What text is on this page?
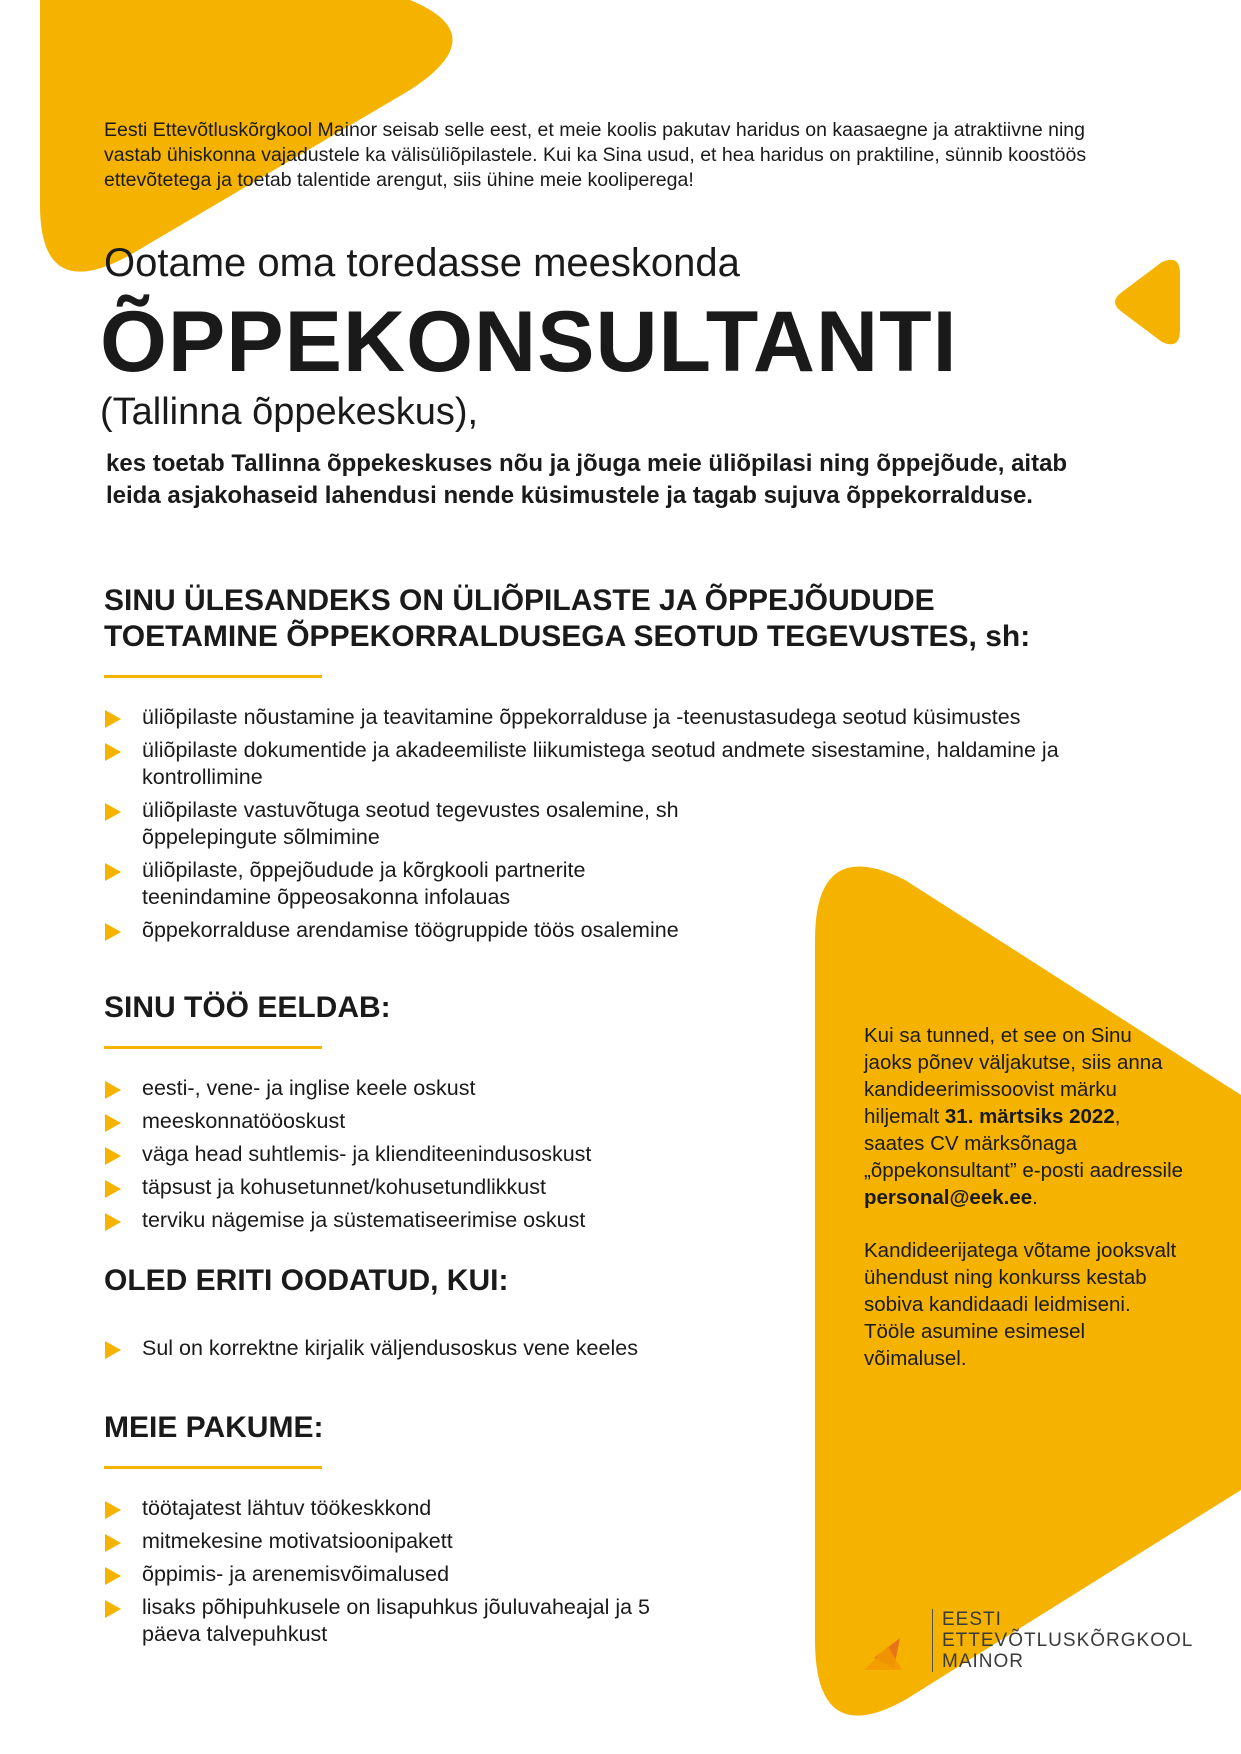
Eesti Ettevõtluskõrgkool Mainor seisab selle eest, et meie koolis pakutav haridus on kaasaegne ja atraktiivne ning vastab ühiskonna vajadustele ka välisüliõpilastele. Kui ka Sina usud, et hea haridus on praktiline, sünnib koostöös ettevõtetega ja toetab talentide arengut, siis ühine meie kooliperega!
Ootame oma toredasse meeskonda
ÕPPEKONSULTANTI
(Tallinna õppekeskus),
kes toetab Tallinna õppekeskuses nõu ja jõuga meie üliõpilasi ning õppejõude, aitab leida asjakohaseid lahendusi nende küsimustele ja tagab sujuva õppekorralduse.
SINU ÜLESANDEKS ON ÜLIÕPILASTE JA ÕPPEJÕUDUDE
TOETAMINE ÕPPEKORRALDUSEGA SEOTUD TEGEVUSTES, sh:
üliõpilaste nõustamine ja teavitamine õppekorralduse ja -teenustasudega seotud küsimustes
üliõpilaste dokumentide ja akadeemiliste liikumistega seotud andmete sisestamine, haldamine ja kontrollimine
üliõpilaste vastuvõtuga seotud tegevustes osalemine, sh õppelepingute sõlmimine
üliõpilaste, õppejõudude ja kõrgkooli partnerite teenindamine õppeosakonna infolauas
õppekorralduse arendamise töögruppide töös osalemine
SINU TÖÖ EELDAB:
eesti-, vene- ja inglise keele oskust
meeskonnatööoskust
väga head suhtlemis- ja klienditeenindusoskust
täpsust ja kohusetunnet/kohusetundlikkust
terviku nägemise ja süstematiseerimise oskust
OLED ERITI OODATUD, KUI:
Sul on korrektne kirjalik väljendusoskus vene keeles
MEIE PAKUME:
töötajatest lähtuv töökeskkond
mitmekesine motivatsioonipakett
õppimis- ja arenemisvõimalused
lisaks põhipuhkusele on lisapuhkus jõuluvaheajal ja 5 päeva talvepuhkust

Kui sa tunned, et see on Sinu jaoks põnev väljakutse, siis anna kandideerimissoovist märku hiljemalt 31. märtsiks 2022, saates CV märksõnaga „õppekonsultant” e-posti aadressile personal@eek.ee.

Kandideerijatega võtame jooksvalt ühendust ning konkurss kestab sobiva kandidaadi leidmiseni. Tööle asumine esimesel võimalusel.

EESTI
ETTEVÕTLUSKÕRGKOOL
MAINOR
